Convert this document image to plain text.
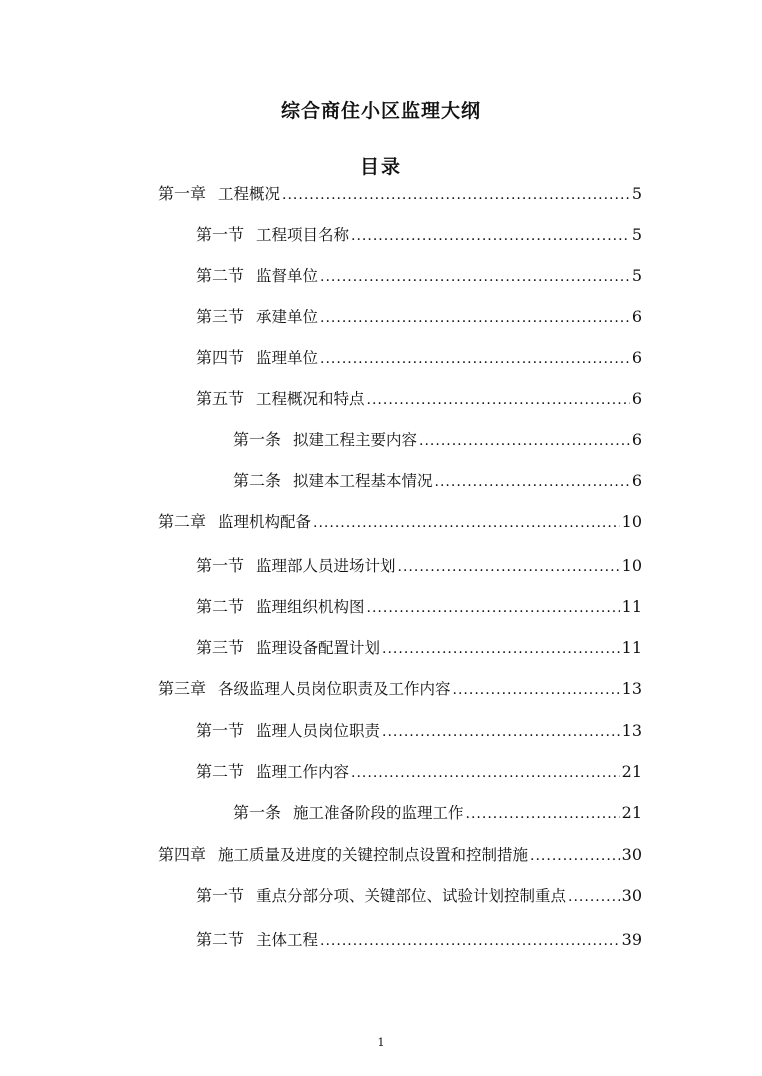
综合商住小区监理大纲
目录
第一章 工程概况 .....	5
第一节 工程项目名称 .....	5
第二节 监督单位 .....	5
第三节 承建单位 .....	6
第四节 监理单位 .....	6
第五节 工程概况和特点 .....	6
第一条 拟建工程主要内容 .....	6
第二条 拟建本工程基本情况 .....	6
第二章 监理机构配备 .....	10
第一节 监理部人员进场计划 .....	10
第二节 监理组织机构图 .....	11
第三节 监理设备配置计划 .....	11
第三章 各级监理人员岗位职责及工作内容 .....	13
第一节 监理人员岗位职责 .....	13
第二节 监理工作内容 .....	21
第一条 施工准备阶段的监理工作 .....	21
第四章 施工质量及进度的关键控制点设置和控制措施 .....	30
第一节 重点分部分项、关键部位、试验计划控制重点 .....	30
第二节 主体工程 .....	39
1
